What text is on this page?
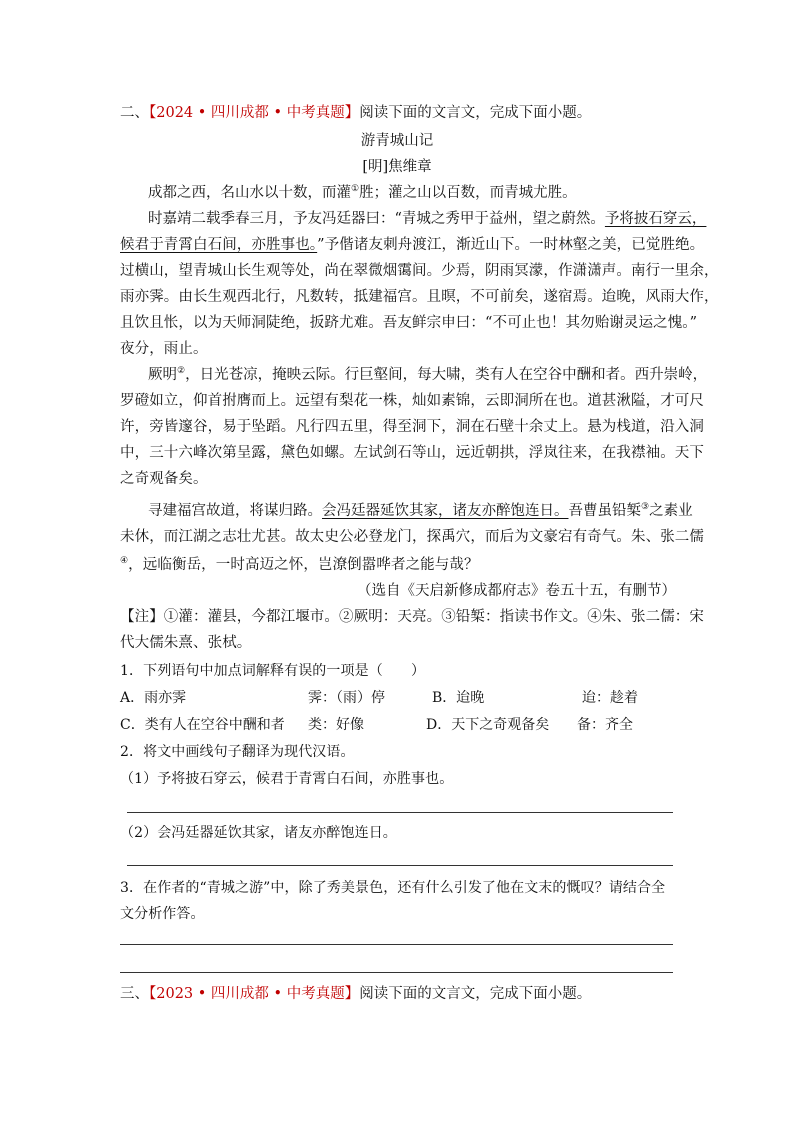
二、【2024 • 四川成都 • 中考真题】阅读下面的文言文，完成下面小题。
游青城山记
[明]焦维章
成都之西，名山水以十数，而灌①胜；灌之山以百数，而青城尤胜。
时嘉靖二载季春三月，予友冯廷器曰：“青城之秀甲于益州，望之蔚然。予将披石穿云，
候君于青霄白石间，亦胜事也。”予偕诸友刺舟渡江，渐近山下。一时林壑之美，已觉胜绝。
过横山，望青城山长生观等处，尚在翠微烟霭间。少焉，阴雨冥濛，作潇潇声。南行一里余，
雨亦霁。由长生观西北行，凡数转，抵建福宫。且暝，不可前矣，遂宿焉。迨晚，风雨大作，
且饮且怅，以为天师洞陡绝，扳跻尤难。吾友鲜宗申曰：“不可止也！其勿贻谢灵运之愧。”
夜分，雨止。
厥明②，日光苍凉，掩映云际。行巨壑间，每大啸，类有人在空谷中酬和者。西升崇岭，
罗磴如立，仰首拊膺而上。远望有梨花一株，灿如素锦，云即洞所在也。道甚湫隘，才可尺
许，旁皆邃谷，易于坠蹈。凡行四五里，得至洞下，洞在石壁十余丈上。悬为栈道，沿入洞
中，三十六峰次第呈露，黛色如螺。左试剑石等山，远近朝拱，浮岚往来，在我襟袖。天下
之奇观备矣。
寻建福宫故道，将谋归路。会冯廷器延饮其家，诸友亦醉饱连日。吾曹虽铅椠③之素业
未休，而江湖之志壮尤甚。故太史公必登龙门，探禹穴，而后为文豪宕有奇气。朱、张二儒
④，远临衡岳，一时高迈之怀，岂潦倒嚣哗者之能与哉？
（选自《天启新修成都府志》卷五十五，有删节）
【注】①灌：灌县，今都江堰市。②厥明：天亮。③铅椠：指读书作文。④朱、张二儒：宋
代大儒朱熹、张栻。
1．下列语句中加点词解释有误的一项是（　　）
A．雨亦霁	霁：（雨）停	B．迨晚	迨：趁着
C．类有人在空谷中酬和者 类：好像	D．天下之奇观备矣 备：齐全
2．将文中画线句子翻译为现代汉语。
（1）予将披石穿云，候君于青霄白石间，亦胜事也。
（2）会冯廷器延饮其家，诸友亦醉饱连日。
3．在作者的“青城之游”中，除了秀美景色，还有什么引发了他在文末的慨叹？请结合全
文分析作答。
三、【2023 • 四川成都 • 中考真题】阅读下面的文言文，完成下面小题。
